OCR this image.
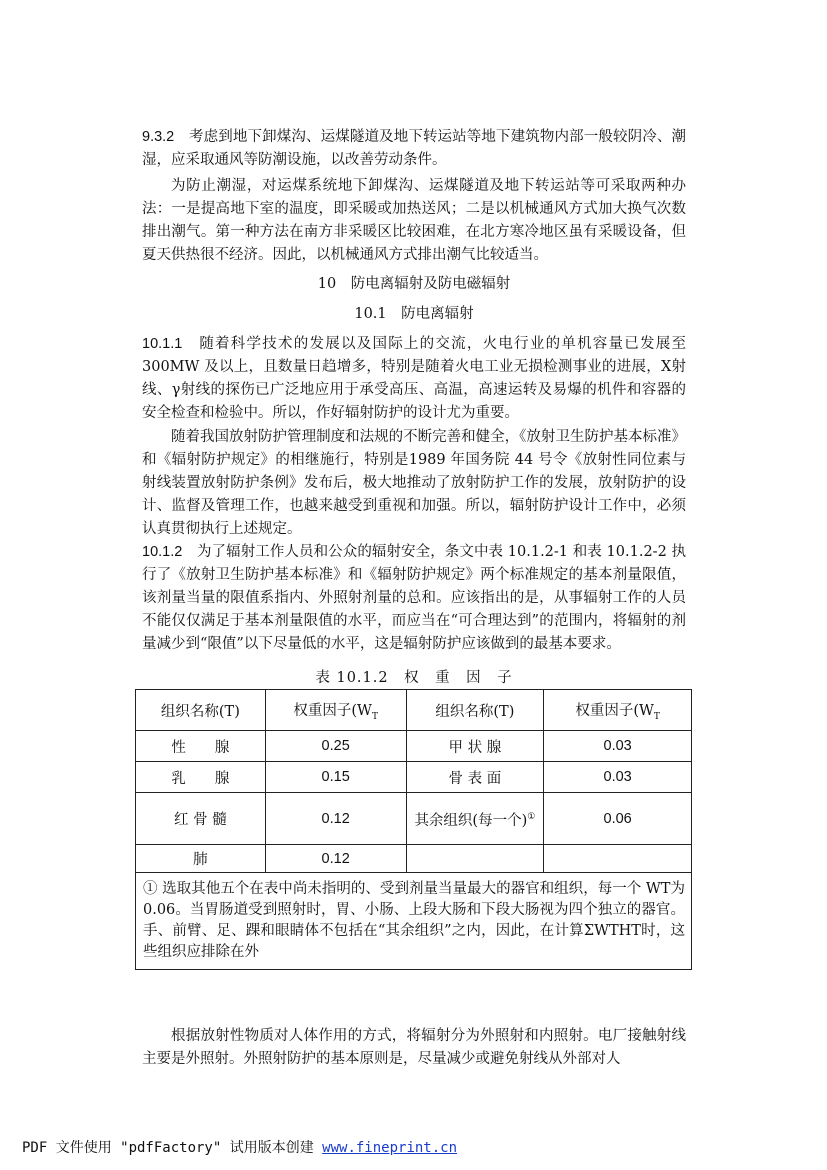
9.3.2　 考虑到地下卸煤沟、运煤隧道及地下转运站等地下建筑物内部一般较阴冷、潮湿，应采取通风等防潮设施，以改善劳动条件。

为防止潮湿，对运煤系统地下卸煤沟、运煤隧道及地下转运站等可采取两种办法：一是提高地下室的温度，即采暖或加热送风；二是以机械通风方式加大换气次数排出潮气。第一种方法在南方非采暖区比较困难，在北方寒冷地区虽有采暖设备，但夏天供热很不经济。因此，以机械通风方式排出潮气比较适当。

10　防电离辐射及防电磁辐射

10.1　防电离辐射

10.1.1　 随着科学技术的发展以及国际上的交流，火电行业的单机容量已发展至300MW 及以上，且数量日趋增多，特别是随着火电工业无损检测事业的进展，X射线、γ射线的探伤已广泛地应用于承受高压、高温，高速运转及易爆的机件和容器的安全检查和检验中。所以，作好辐射防护的设计尤为重要。

随着我国放射防护管理制度和法规的不断完善和健全，《放射卫生防护基本标准》和《辐射防护规定》的相继施行，特别是1989 年国务院 44 号令《放射性同位素与射线装置放射防护条例》发布后，极大地推动了放射防护工作的发展，放射防护的设计、监督及管理工作，也越来越受到重视和加强。所以，辐射防护设计工作中，必须认真贯彻执行上述规定。

10.1.2　 为了辐射工作人员和公众的辐射安全，条文中表 10.1.2-1 和表 10.1.2-2 执行了《放射卫生防护基本标准》和《辐射防护规定》两个标准规定的基本剂量限值，该剂量当量的限值系指内、外照射剂量的总和。应该指出的是，从事辐射工作的人员不能仅仅满足于基本剂量限值的水平，而应当在“可合理达到”的范围内，将辐射的剂量减少到“限值”以下尽量低的水平，这是辐射防护应该做到的最基本要求。

表 10.1.2　权　重　因　子

组织名称(T)	权重因子($W_T$	组织名称(T)	权重因子($W_T$
性　　腺	0.25	甲 状 腺	0.03
乳　　腺	0.15	骨 表 面	0.03
红 骨 髓	0.12	其余组织(每一个)①	0.06
肺	0.12		
① 选取其他五个在表中尚未指明的、受到剂量当量最大的器官和组织，每一个 WT为 0.06。当胃肠道受到照射时，胃、小肠、上段大肠和下段大肠视为四个独立的器官。手、前臂、足、踝和眼睛体不包括在“其余组织”之内，因此，在计算ΣWTHT时，这些组织应排除在外			

根据放射性物质对人体作用的方式，将辐射分为外照射和内照射。电厂接触射线主要是外照射。外照射防护的基本原则是，尽量减少或避免射线从外部对人

PDF 文件使用 "pdfFactory" 试用版本创建 www.fineprint.cn
